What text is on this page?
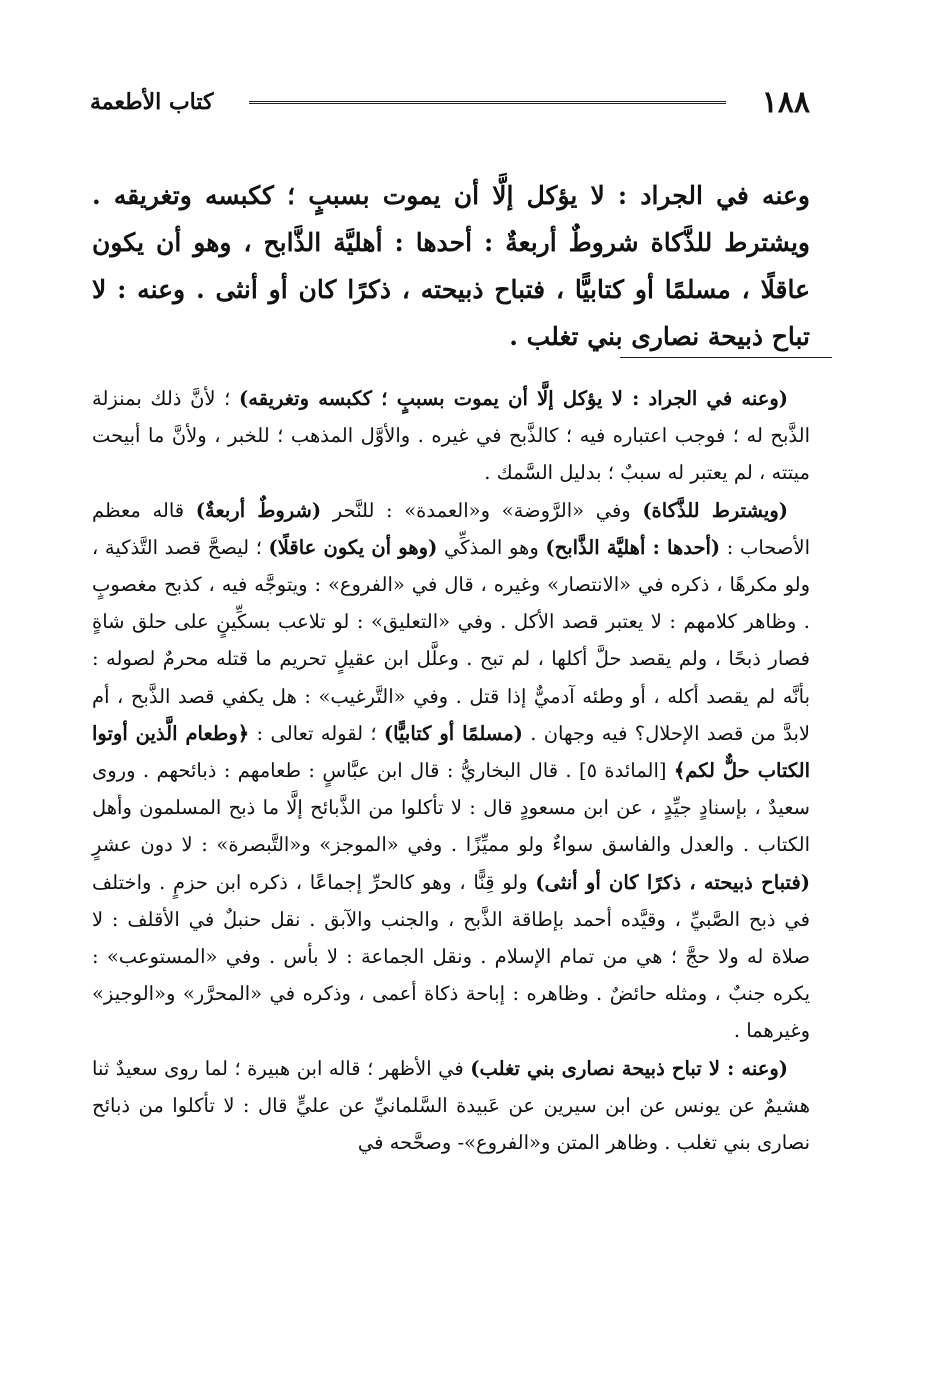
١٨٨
كتاب الأطعمة
وعنه في الجراد : لا يؤكل إلَّا أن يموت بسببٍ ؛ ككبسه وتغريقه . ويشترط للذَّكاة شروطٌ أربعةٌ : أحدها : أهليَّة الذَّابح ، وهو أن يكون عاقلًا ، مسلمًا أو كتابيًّا ، فتباح ذبيحته ، ذكرًا كان أو أنثى . وعنه : لا تباح ذبيحة نصارى بني تغلب .

(وعنه في الجراد : لا يؤكل إلَّا أن يموت بسببٍ ؛ ككبسه وتغريقه) ؛ لأنَّ ذلك بمنزلة الذَّبح له ؛ فوجب اعتباره فيه ؛ كالذَّبح في غيره . والأوَّل المذهب ؛ للخبر ، ولأنَّ ما أبيحت ميتته ، لم يعتبر له سببٌ ؛ بدليل السَّمك .

(ويشترط للذَّكاة) وفي «الرَّوضة» و«العمدة» : للنَّحر (شروطٌ أربعةٌ) قاله معظم الأصحاب : (أحدها : أهليَّة الذَّابح) وهو المذكِّي (وهو أن يكون عاقلًا) ؛ ليصحَّ قصد التَّذكية ، ولو مكرهًا ، ذكره في «الانتصار» وغيره ، قال في «الفروع» : ويتوجَّه فيه ، كذبح مغصوبٍ . وظاهر كلامهم : لا يعتبر قصد الأكل . وفي «التعليق» : لو تلاعب بسكِّينٍ على حلق شاةٍ فصار ذبحًا ، ولم يقصد حلَّ أكلها ، لم تبح . وعلَّل ابن عقيلٍ تحريم ما قتله محرمٌ لصوله : بأنَّه لم يقصد أكله ، أو وطئه آدميٌّ إذا قتل . وفي «التَّرغيب» : هل يكفي قصد الذَّبح ، أم لابدَّ من قصد الإحلال؟ فيه وجهان . (مسلمًا أو كتابيًّا) ؛ لقوله تعالى : ﴿وطعام الَّذين أوتوا الكتاب حلٌّ لكم﴾ [المائدة ٥] . قال البخاريُّ : قال ابن عبَّاسٍ : طعامهم : ذبائحهم . وروى سعيدٌ ، بإسنادٍ جيِّدٍ ، عن ابن مسعودٍ قال : لا تأكلوا من الذَّبائح إلَّا ما ذبح المسلمون وأهل الكتاب . والعدل والفاسق سواءٌ ولو مميِّزًا . وفي «الموجز» و«التَّبصرة» : لا دون عشرٍ (فتباح ذبيحته ، ذكرًا كان أو أنثى) ولو قِنًّا ، وهو كالحرِّ إجماعًا ، ذكره ابن حزمٍ . واختلف في ذبح الصَّبيِّ ، وقيَّده أحمد بإطاقة الذَّبح ، والجنب والآبق . نقل حنبلٌ في الأقلف : لا صلاة له ولا حجَّ ؛ هي من تمام الإسلام . ونقل الجماعة : لا بأس . وفي «المستوعب» : يكره جنبٌ ، ومثله حائضٌ . وظاهره : إباحة ذكاة أعمى ، وذكره في «المحرَّر» و«الوجيز» وغيرهما .

(وعنه : لا تباح ذبيحة نصارى بني تغلب) في الأظهر ؛ قاله ابن هبيرة ؛ لما روى سعيدٌ ثنا هشيمٌ عن يونس عن ابن سيرين عن عَبيدة السَّلمانيِّ عن عليٍّ قال : لا تأكلوا من ذبائح نصارى بني تغلب . وظاهر المتن و«الفروع»- وصحَّحه في
